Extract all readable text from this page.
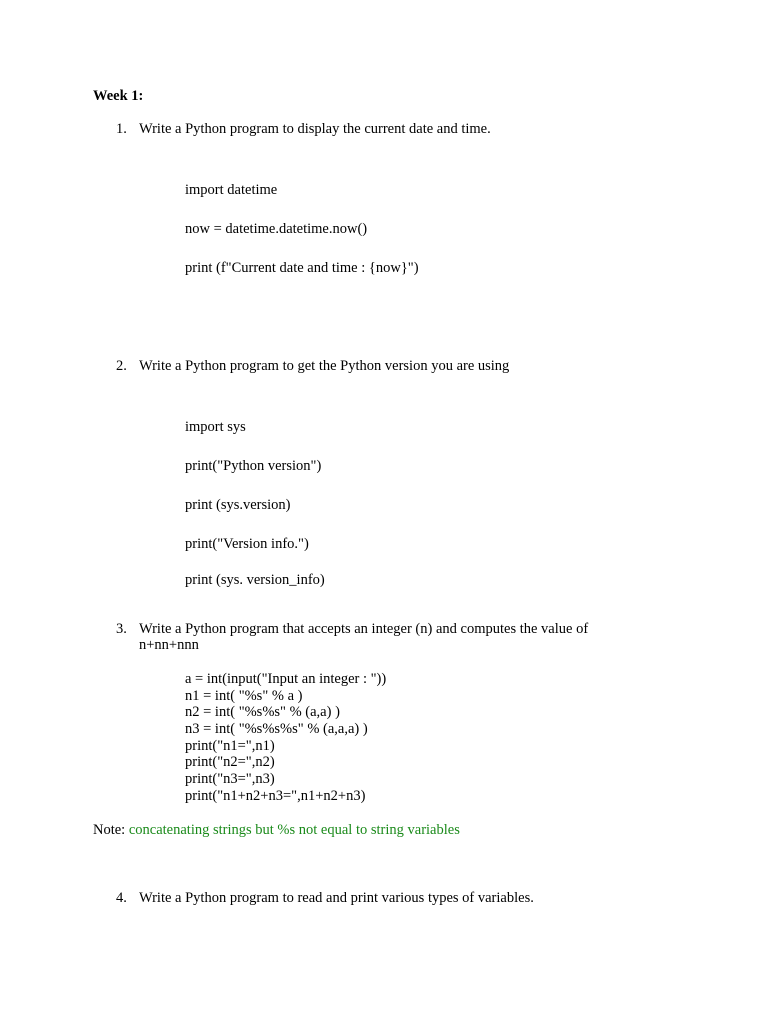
Week 1:
1. Write a Python program to display the current date and time.
import datetime
now = datetime.datetime.now()
print (f"Current date and time : {now}")
2. Write a Python program to get the Python version you are using
import sys
print("Python version")
print (sys.version)
print("Version info.")
print (sys. version_info)
3. Write a Python program that accepts an integer (n) and computes the value of
n+nn+nnn
a = int(input("Input an integer : "))
n1 = int( "%s" % a )
n2 = int( "%s%s" % (a,a) )
n3 = int( "%s%s%s" % (a,a,a) )
print("n1=",n1)
print("n2=",n2)
print("n3=",n3)
print("n1+n2+n3=",n1+n2+n3)
Note: concatenating strings but %s not equal to string variables
4. Write a Python program to read and print various types of variables.
